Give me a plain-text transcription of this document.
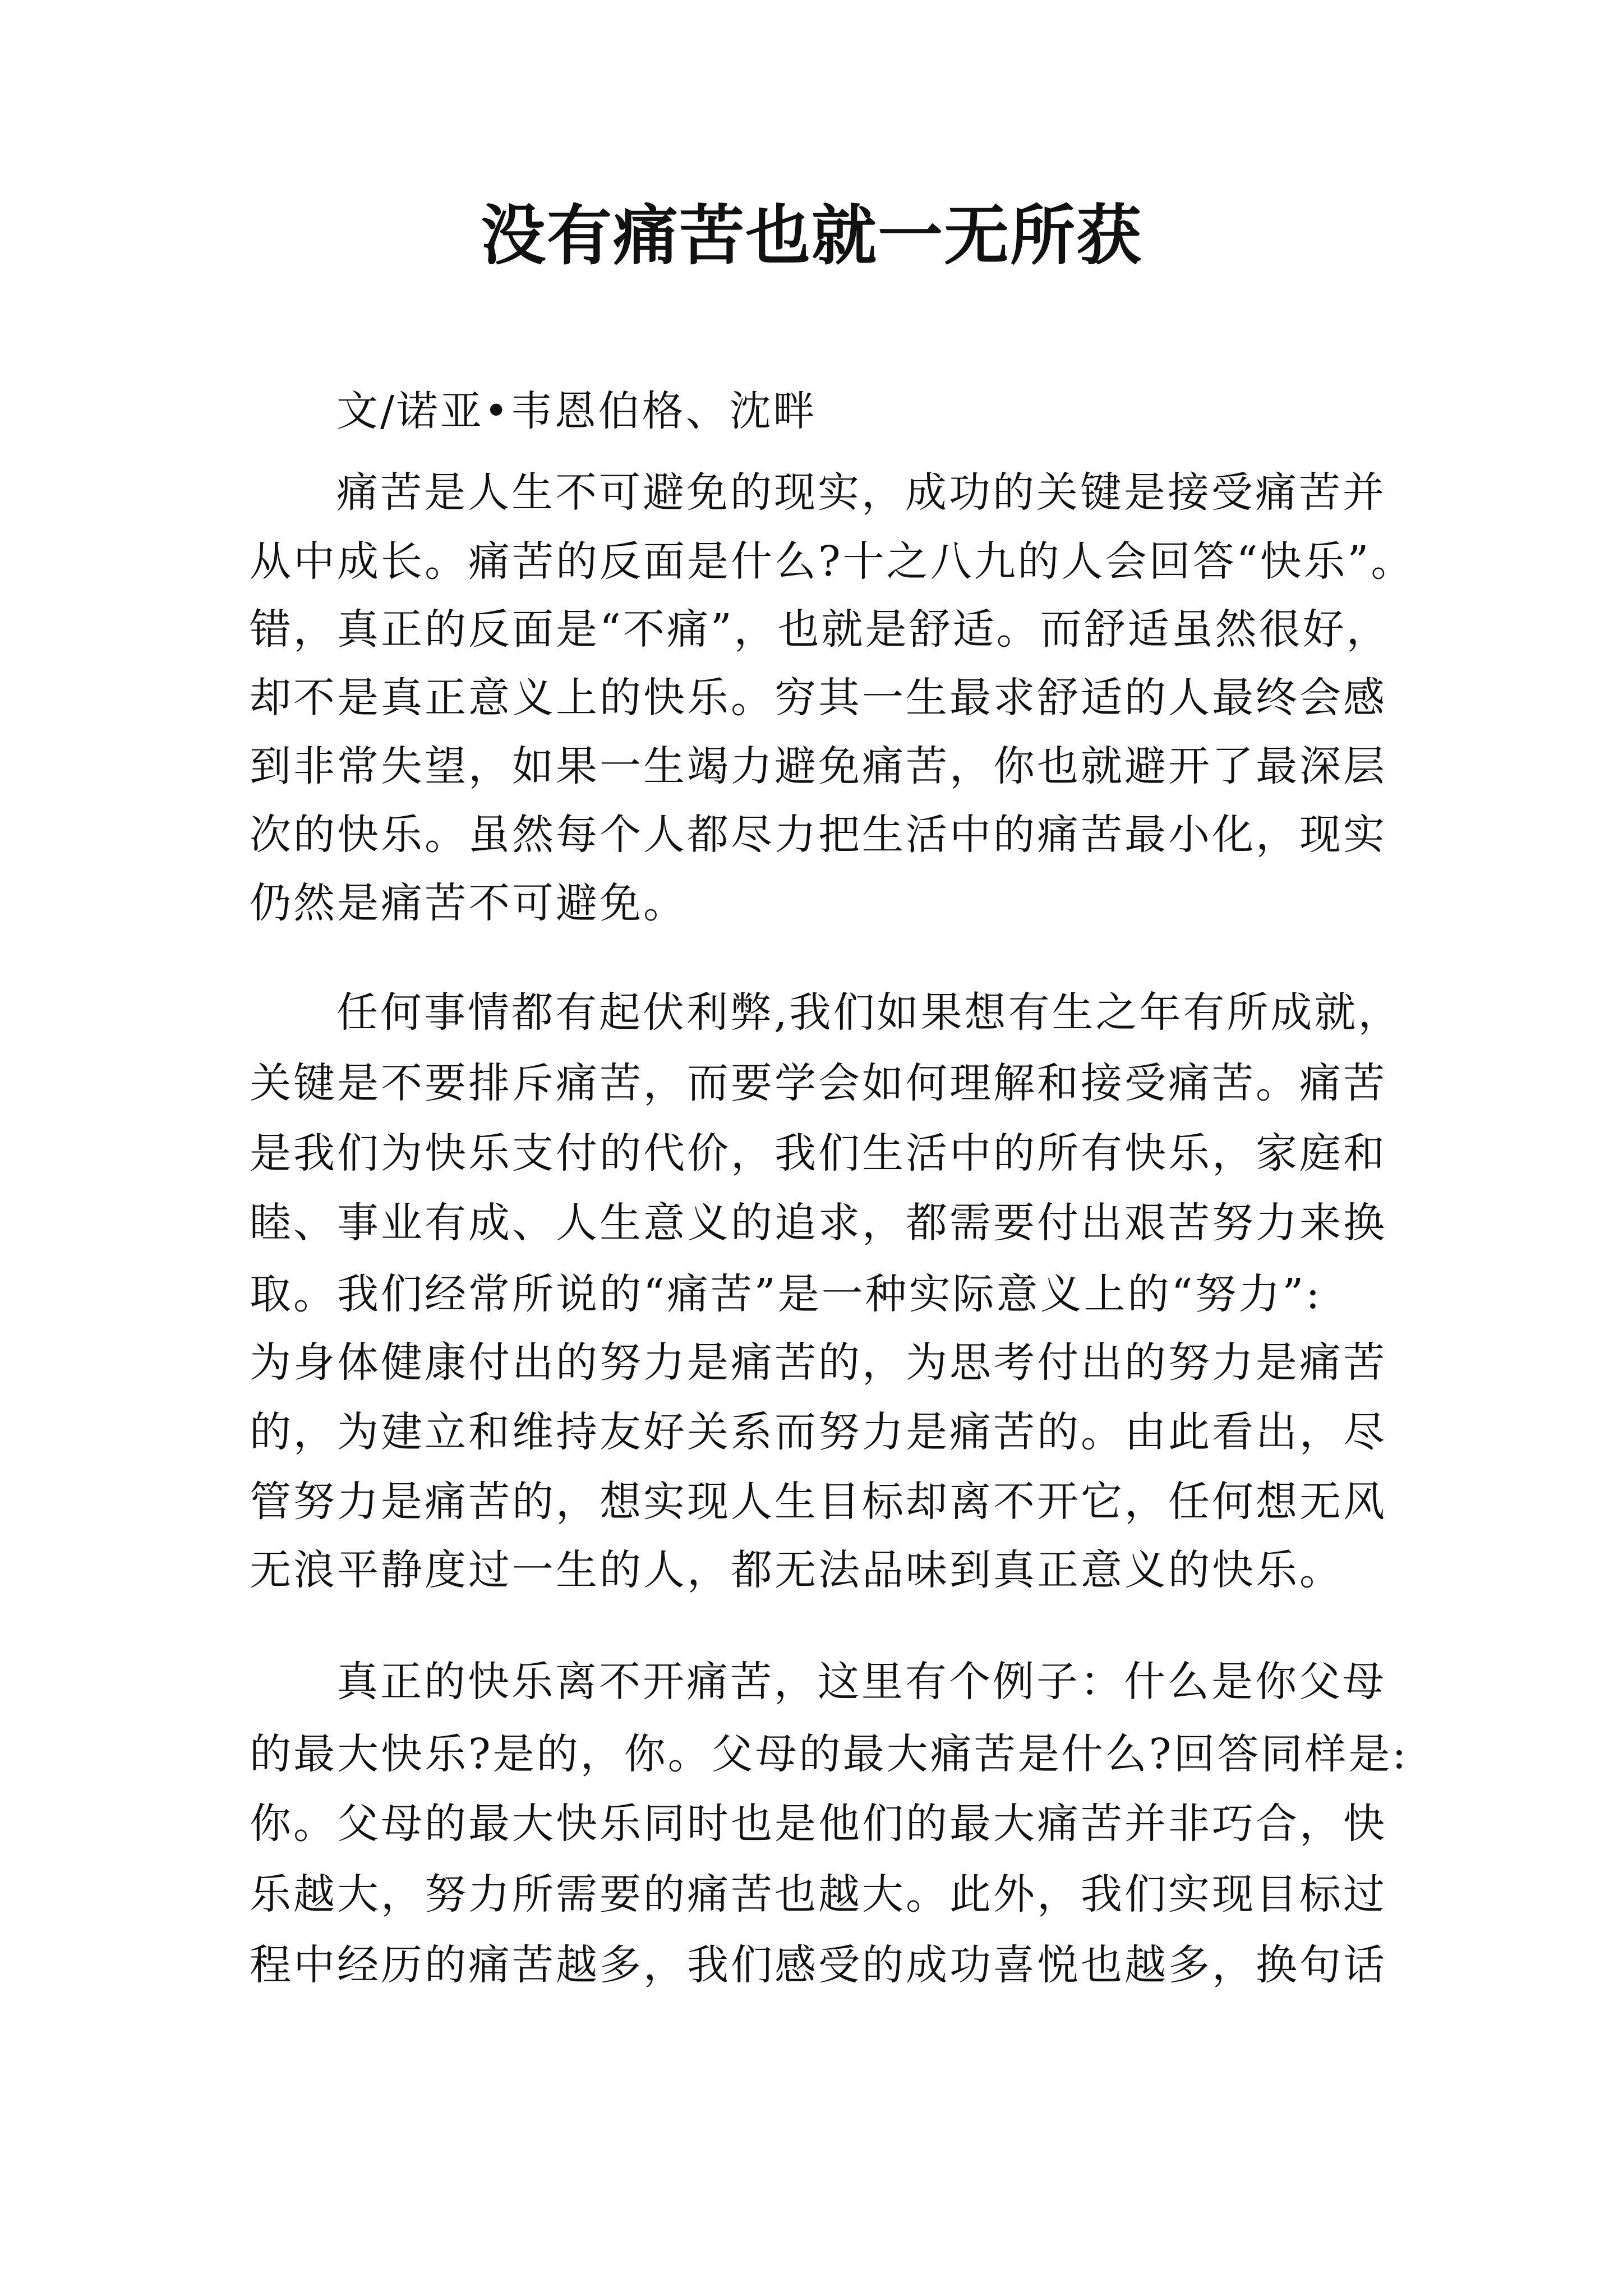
没有痛苦也就一无所获
文/诺亚•韦恩伯格、沈畔
痛苦是人生不可避免的现实，成功的关键是接受痛苦并
从中成长。痛苦的反面是什么?十之八九的人会回答“快乐”。
错，真正的反面是“不痛”，也就是舒适。而舒适虽然很好，
却不是真正意义上的快乐。穷其一生最求舒适的人最终会感
到非常失望，如果一生竭力避免痛苦，你也就避开了最深层
次的快乐。虽然每个人都尽力把生活中的痛苦最小化，现实
仍然是痛苦不可避免。
任何事情都有起伏利弊,我们如果想有生之年有所成就，
关键是不要排斥痛苦，而要学会如何理解和接受痛苦。痛苦
是我们为快乐支付的代价，我们生活中的所有快乐，家庭和
睦、事业有成、人生意义的追求，都需要付出艰苦努力来换
取。我们经常所说的“痛苦”是一种实际意义上的“努力”:
为身体健康付出的努力是痛苦的，为思考付出的努力是痛苦
的，为建立和维持友好关系而努力是痛苦的。由此看出，尽
管努力是痛苦的，想实现人生目标却离不开它，任何想无风
无浪平静度过一生的人，都无法品味到真正意义的快乐。
真正的快乐离不开痛苦，这里有个例子：什么是你父母
的最大快乐?是的，你。父母的最大痛苦是什么?回答同样是:
你。父母的最大快乐同时也是他们的最大痛苦并非巧合，快
乐越大，努力所需要的痛苦也越大。此外，我们实现目标过
程中经历的痛苦越多，我们感受的成功喜悦也越多，换句话
